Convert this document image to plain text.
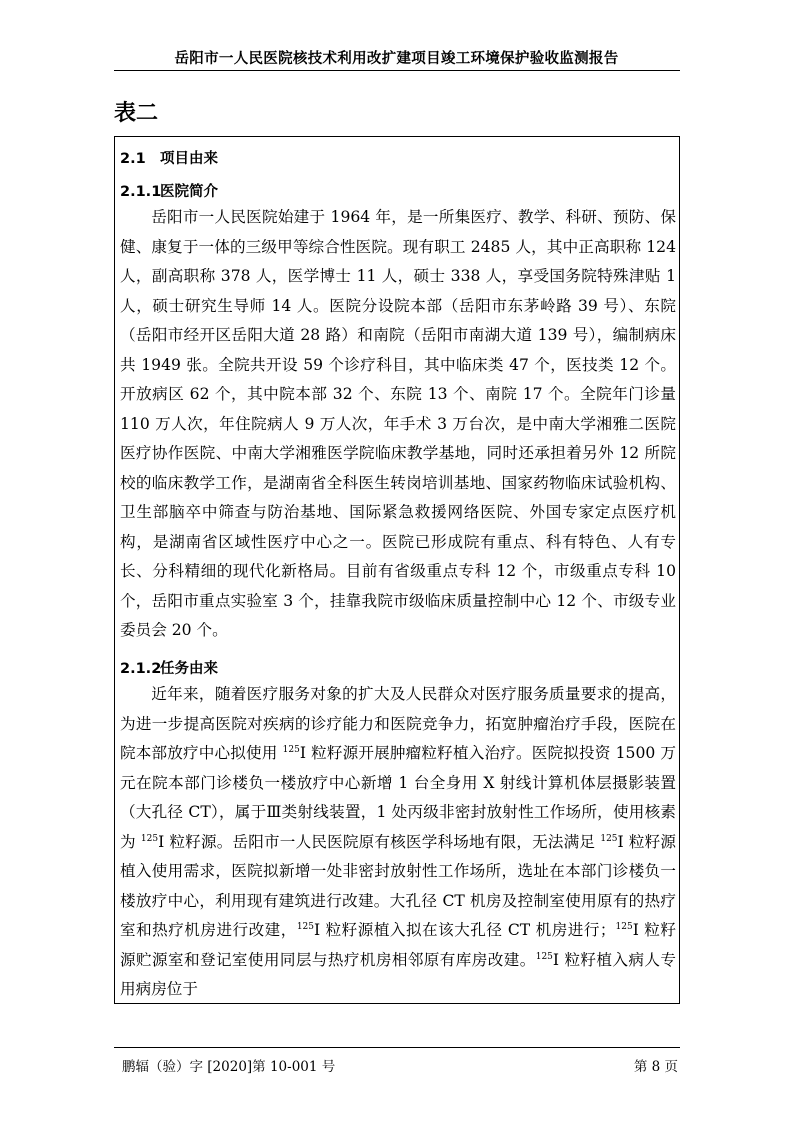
岳阳市一人民医院核技术利用改扩建项目竣工环境保护验收监测报告
表二
2.1 项目由来
2.1.1医院简介

岳阳市一人民医院始建于 1964 年，是一所集医疗、教学、科研、预防、保健、康复于一体的三级甲等综合性医院。现有职工 2485 人，其中正高职称 124 人，副高职称 378 人，医学博士 11 人，硕士 338 人，享受国务院特殊津贴 1 人，硕士研究生导师 14 人。医院分设院本部（岳阳市东茅岭路 39 号）、东院（岳阳市经开区岳阳大道 28 路）和南院（岳阳市南湖大道 139 号），编制病床共 1949 张。全院共开设 59 个诊疗科目，其中临床类 47 个，医技类 12 个。开放病区 62 个，其中院本部 32 个、东院 13 个、南院 17 个。全院年门诊量 110 万人次，年住院病人 9 万人次，年手术 3 万台次，是中南大学湘雅二医院医疗协作医院、中南大学湘雅医学院临床教学基地，同时还承担着另外 12 所院校的临床教学工作，是湖南省全科医生转岗培训基地、国家药物临床试验机构、卫生部脑卒中筛查与防治基地、国际紧急救援网络医院、外国专家定点医疗机构，是湖南省区域性医疗中心之一。医院已形成院有重点、科有特色、人有专长、分科精细的现代化新格局。目前有省级重点专科 12 个，市级重点专科 10 个，岳阳市重点实验室 3 个，挂靠我院市级临床质量控制中心 12 个、市级专业委员会 20 个。

2.1.2任务由来

近年来，随着医疗服务对象的扩大及人民群众对医疗服务质量要求的提高，为进一步提高医院对疾病的诊疗能力和医院竞争力，拓宽肿瘤治疗手段，医院在院本部放疗中心拟使用 $^{125}$I 粒籽源开展肿瘤粒籽植入治疗。医院拟投资 1500 万元在院本部门诊楼负一楼放疗中心新增 1 台全身用 X 射线计算机体层摄影装置（大孔径 CT），属于Ⅲ类射线装置，1 处丙级非密封放射性工作场所，使用核素为 $^{125}$I 粒籽源。岳阳市一人民医院原有核医学科场地有限，无法满足 $^{125}$I 粒籽源植入使用需求，医院拟新增一处非密封放射性工作场所，选址在本部门诊楼负一楼放疗中心，利用现有建筑进行改建。大孔径 CT 机房及控制室使用原有的热疗室和热疗机房进行改建，$^{125}$I 粒籽源植入拟在该大孔径 CT 机房进行；$^{125}$I 粒籽源贮源室和登记室使用同层与热疗机房相邻原有库房改建。$^{125}$I 粒籽植入病人专用病房位于

鹏辐（验）字 [2020]第 10-001 号	第 8 页
